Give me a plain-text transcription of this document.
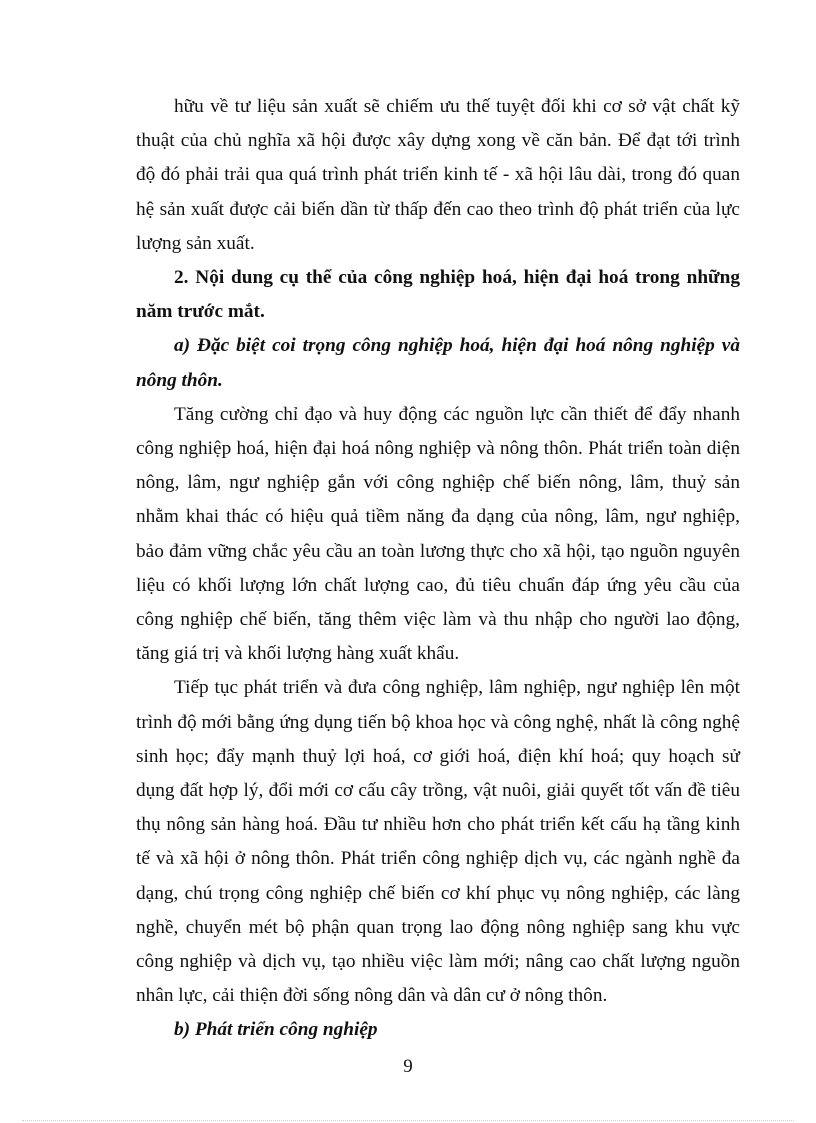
hữu về tư liệu sản xuất sẽ chiếm ưu thế tuyệt đối khi cơ sở vật chất kỹ thuật của chủ nghĩa xã hội được xây dựng xong về căn bản. Để đạt tới trình độ đó phải trải qua quá trình phát triển kinh tế - xã hội lâu dài, trong đó quan hệ sản xuất được cải biến dần từ thấp đến cao theo trình độ phát triển của lực lượng sản xuất.

2. Nội dung cụ thể của công nghiệp hoá, hiện đại hoá trong những năm trước mắt.

a) Đặc biệt coi trọng công nghiệp hoá, hiện đại hoá nông nghiệp và nông thôn.

Tăng cường chỉ đạo và huy động các nguồn lực cần thiết để đẩy nhanh công nghiệp hoá, hiện đại hoá nông nghiệp và nông thôn. Phát triển toàn diện nông, lâm, ngư nghiệp gắn với công nghiệp chế biến nông, lâm, thuỷ sản nhằm khai thác có hiệu quả tiềm năng đa dạng của nông, lâm, ngư nghiệp, bảo đảm vững chắc yêu cầu an toàn lương thực cho xã hội, tạo nguồn nguyên liệu có khối lượng lớn chất lượng cao, đủ tiêu chuẩn đáp ứng yêu cầu của công nghiệp chế biến, tăng thêm việc làm và thu nhập cho người lao động, tăng giá trị và khối lượng hàng xuất khẩu.

Tiếp tục phát triển và đưa công nghiệp, lâm nghiệp, ngư nghiệp lên một trình độ mới bằng ứng dụng tiến bộ khoa học và công nghệ, nhất là công nghệ sinh học; đẩy mạnh thuỷ lợi hoá, cơ giới hoá, điện khí hoá; quy hoạch sử dụng đất hợp lý, đổi mới cơ cấu cây trồng, vật nuôi, giải quyết tốt vấn đề tiêu thụ nông sản hàng hoá. Đầu tư nhiều hơn cho phát triển kết cấu hạ tầng kinh tế và xã hội ở nông thôn. Phát triển công nghiệp dịch vụ, các ngành nghề đa dạng, chú trọng công nghiệp chế biến cơ khí phục vụ nông nghiệp, các làng nghề, chuyển mét bộ phận quan trọng lao động nông nghiệp sang khu vực công nghiệp và dịch vụ, tạo nhiều việc làm mới; nâng cao chất lượng nguồn nhân lực, cải thiện đời sống nông dân và dân cư ở nông thôn.

b) Phát triển công nghiệp

9
